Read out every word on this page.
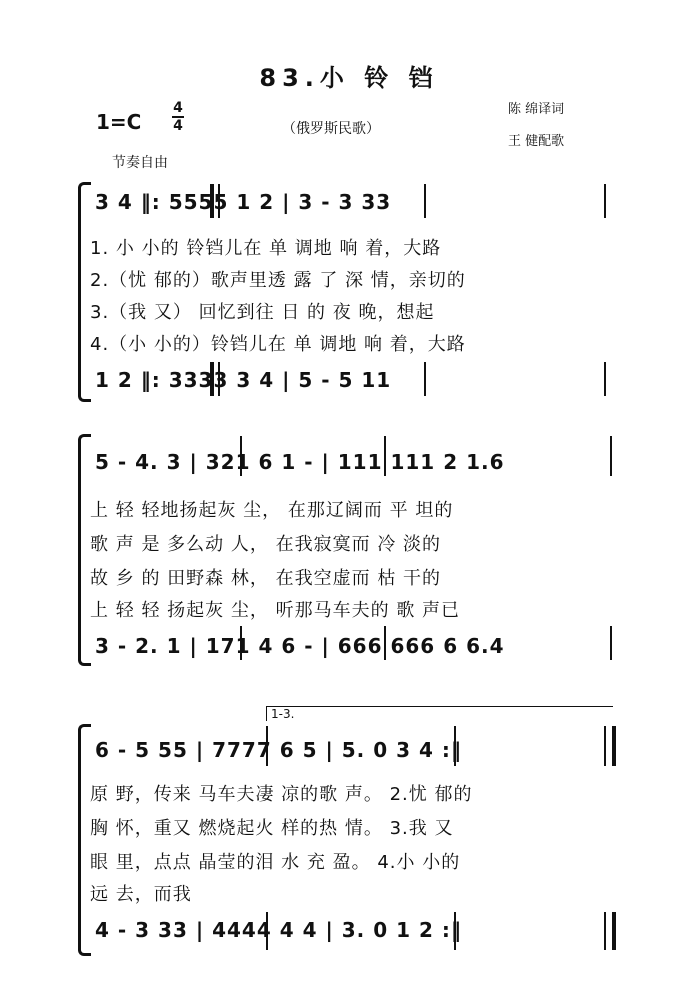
83.小 铃 铛
1=C
4
4	（俄罗斯民歌）
陈 绵译词
王 健配歌
节奏自由
3 4 ‖: 5555 1 2 | 3 - 3 33
1. 小 小的 铃铛儿在 单 调地 响 着，大路
2.（忧 郁的）歌声里透 露 了 深 情，亲切的
3.（我 又） 回忆到往 日 的 夜 晚，想起
4.（小 小的）铃铛儿在 单 调地 响 着，大路
1 2 ‖: 3333 3 4 | 5 - 5 11
5 - 4. 3 | 321 6 1 - | 111 111 2 1.6
上 轻 轻地扬起灰 尘， 在那辽阔而 平 坦的
歌 声 是 多么动 人， 在我寂寞而 冷 淡的
故 乡 的 田野森 林， 在我空虚而 枯 干的
上 轻 轻 扬起灰 尘， 听那马车夫的 歌 声已
3 - 2. 1 | 171 4 6 - | 666 666 6 6.4
1-3.
6 - 5 55 | 7777 6 5 | 5. 0 3 4 :‖
原 野，传来 马车夫凄 凉的歌 声。 2.忧 郁的
胸 怀，重又 燃烧起火 样的热 情。 3.我 又
眼 里，点点 晶莹的泪 水 充 盈。 4.小 小的
远 去，而我
4 - 3 33 | 4444 4 4 | 3. 0 1 2 :‖
